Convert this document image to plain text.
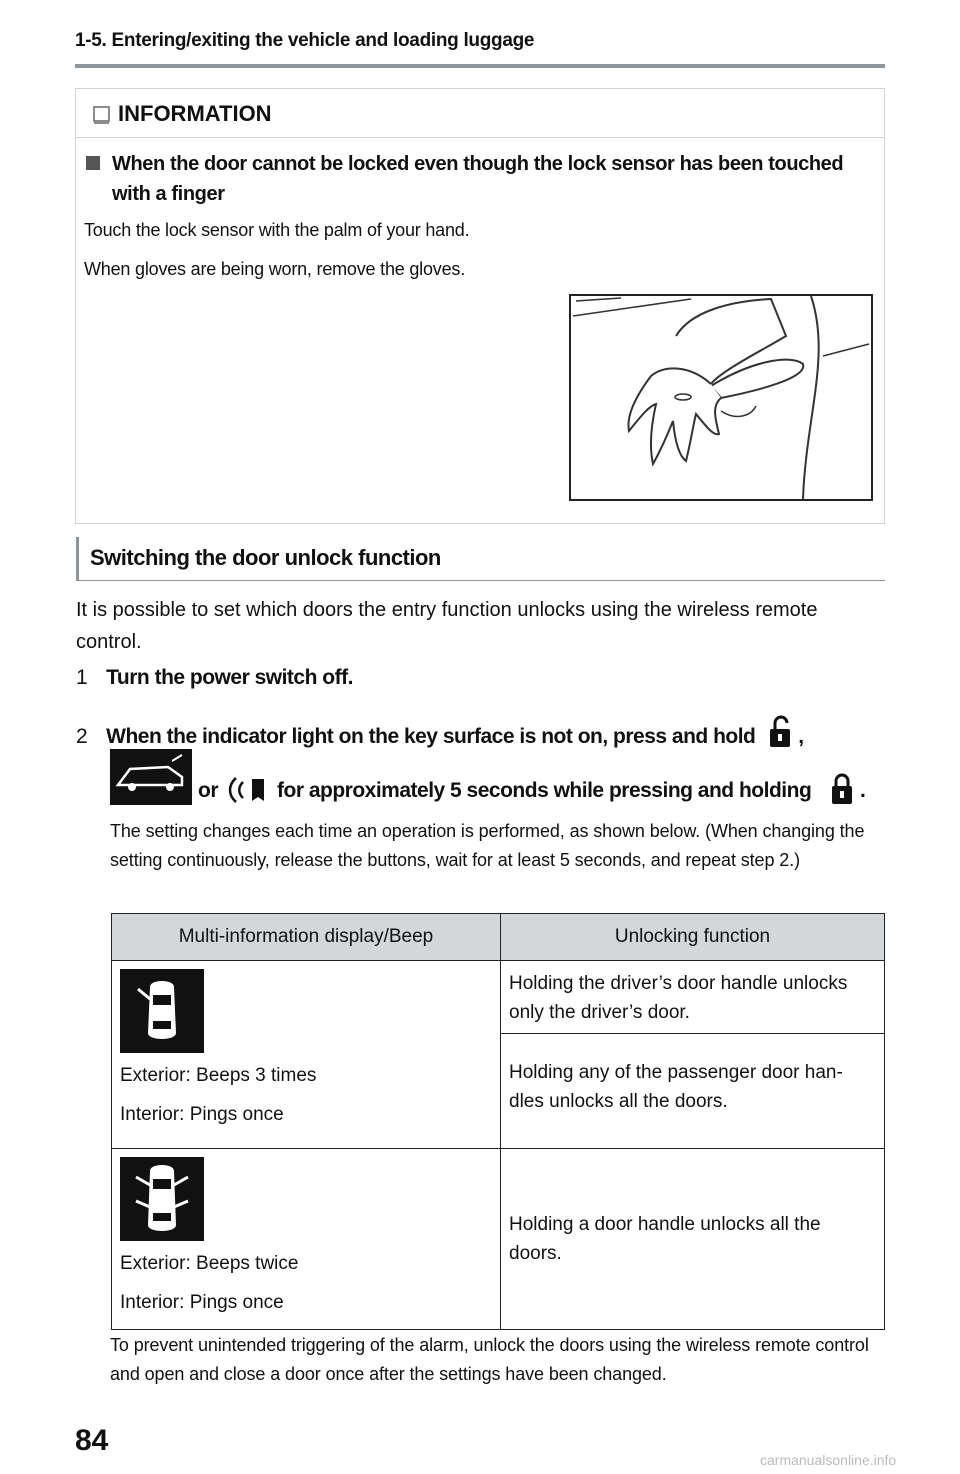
1-5. Entering/exiting the vehicle and loading luggage
INFORMATION
When the door cannot be locked even though the lock sensor has been touched with a finger
Touch the lock sensor with the palm of your hand.
When gloves are being worn, remove the gloves.
Switching the door unlock function
It is possible to set which doors the entry function unlocks using the wireless remote control.
1 Turn the power switch off.
2 When the indicator light on the key surface is not on, press and hold ,
or	for approximately 5 seconds while pressing and holding .
The setting changes each time an operation is performed, as shown below. (When changing the setting continuously, release the buttons, wait for at least 5 seconds, and repeat step 2.)
Multi-information display/Beep	Unlocking function

Exterior: Beeps 3 times
Interior: Pings once	Holding the driver’s door handle unlocks only the driver’s door.
	Holding any of the passenger door han-dles unlocks all the doors.

Exterior: Beeps twice
Interior: Pings once	Holding a door handle unlocks all the doors.
To prevent unintended triggering of the alarm, unlock the doors using the wireless remote control and open and close a door once after the settings have been changed.
84
carmanualsonline.info
